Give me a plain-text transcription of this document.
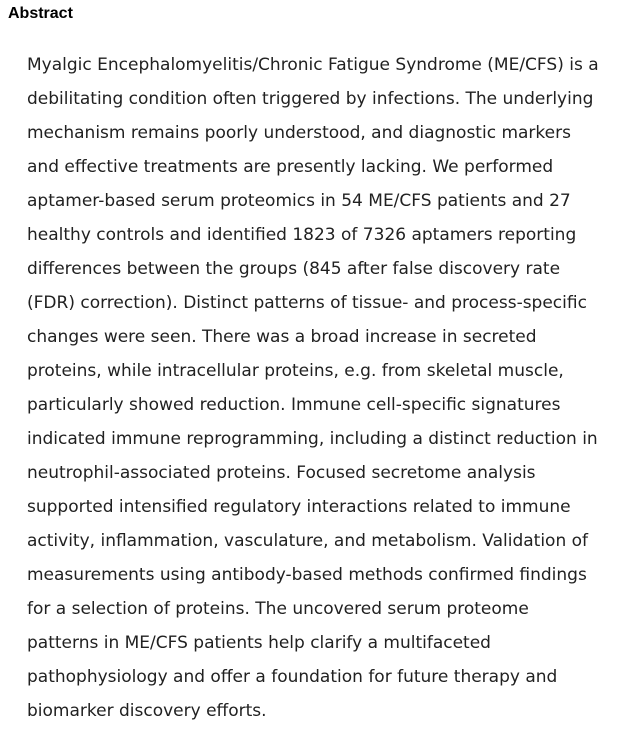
Abstract

Myalgic Encephalomyelitis/Chronic Fatigue Syndrome (ME/CFS) is a
debilitating condition often triggered by infections. The underlying
mechanism remains poorly understood, and diagnostic markers
and effective treatments are presently lacking. We performed
aptamer-based serum proteomics in 54 ME/CFS patients and 27
healthy controls and identified 1823 of 7326 aptamers reporting
differences between the groups (845 after false discovery rate
(FDR) correction). Distinct patterns of tissue- and process-specific
changes were seen. There was a broad increase in secreted
proteins, while intracellular proteins, e.g. from skeletal muscle,
particularly showed reduction. Immune cell-specific signatures
indicated immune reprogramming, including a distinct reduction in
neutrophil-associated proteins. Focused secretome analysis
supported intensified regulatory interactions related to immune
activity, inflammation, vasculature, and metabolism. Validation of
measurements using antibody-based methods confirmed findings
for a selection of proteins. The uncovered serum proteome
patterns in ME/CFS patients help clarify a multifaceted
pathophysiology and offer a foundation for future therapy and
biomarker discovery efforts.
